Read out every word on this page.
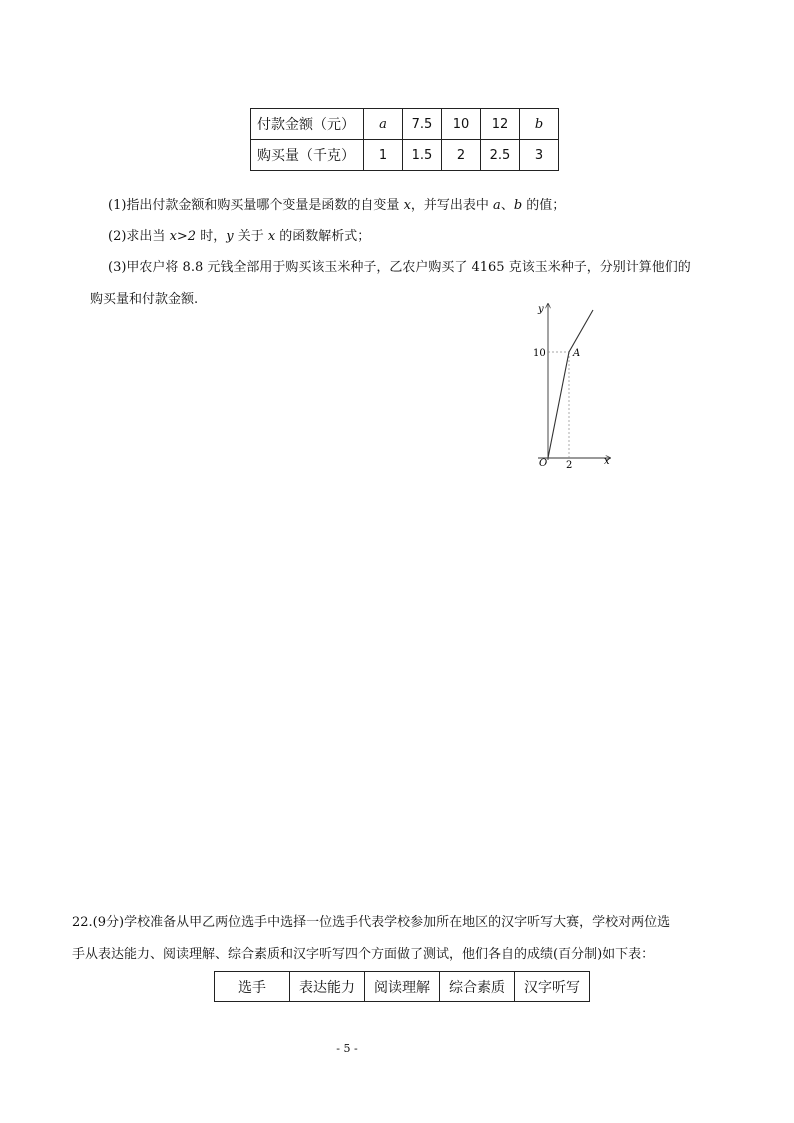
付款金额（元）	a	7.5	10	12	b
购买量（千克）	1	1.5	2	2.5	3
(1)指出付款金额和购买量哪个变量是函数的自变量 x，并写出表中 a、b 的值；
(2)求出当 x>2 时，y 关于 x 的函数解析式；
(3)甲农户将 8.8 元钱全部用于购买该玉米种子，乙农户购买了 4165 克该玉米种子，分别计算他们的
购买量和付款金额.
y
x
O
10
2
A
22.(9分)学校准备从甲乙两位选手中选择一位选手代表学校参加所在地区的汉字听写大赛，学校对两位选
手从表达能力、阅读理解、综合素质和汉字听写四个方面做了测试，他们各自的成绩(百分制)如下表：
选手	表达能力	阅读理解	综合素质	汉字听写
- 5 -
